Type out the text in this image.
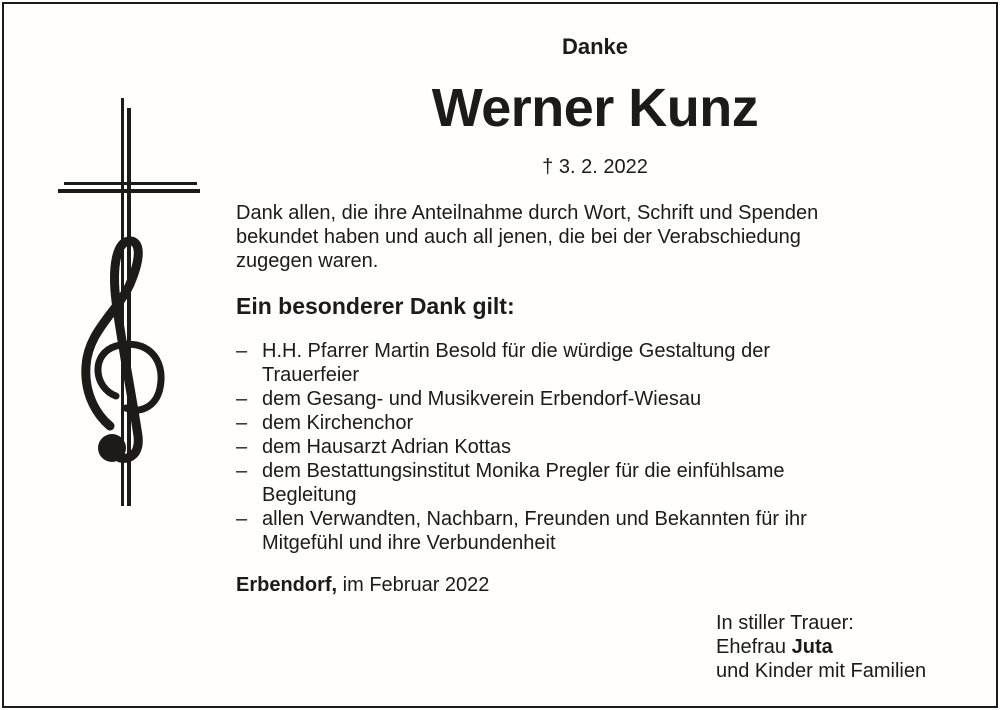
Danke
Werner Kunz
† 3. 2. 2022
Dank allen, die ihre Anteilnahme durch Wort, Schrift und Spenden
bekundet haben und auch all jenen, die bei der Verabschiedung
zugegen waren.
Ein besonderer Dank gilt:
– H.H. Pfarrer Martin Besold für die würdige Gestaltung der
Trauerfeier
– dem Gesang- und Musikverein Erbendorf-Wiesau
– dem Kirchenchor
– dem Hausarzt Adrian Kottas
– dem Bestattungsinstitut Monika Pregler für die einfühlsame
Begleitung
– allen Verwandten, Nachbarn, Freunden und Bekannten für ihr
Mitgefühl und ihre Verbundenheit
Erbendorf, im Februar 2022
In stiller Trauer:
Ehefrau Juta
und Kinder mit Familien
